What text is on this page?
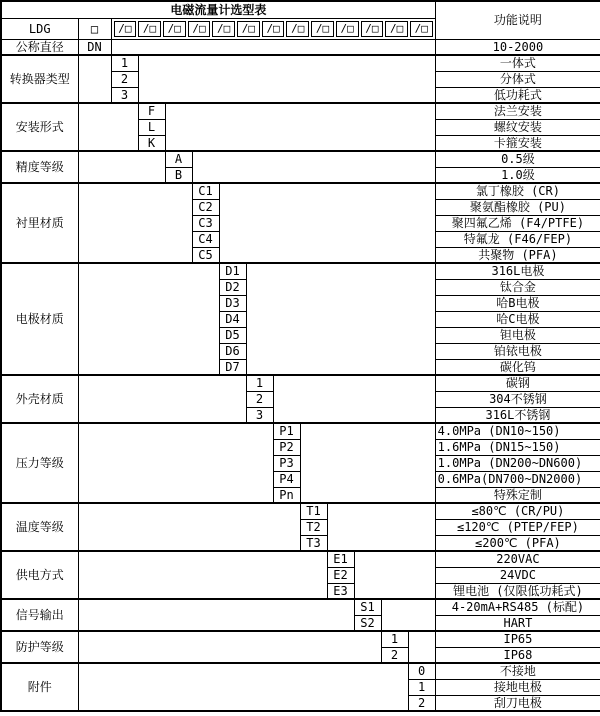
电磁流量计选型表														功能说明
LDG	□	/□	/□	/□	/□	/□	/□	/□	/□	/□	/□	/□	/□	/□

公称直径	DN													10-2000
转换器类型		1												一体式
		2												分体式
		3												低功耗式
安装形式			F											法兰安装
			L											螺纹安装
			K											卡箍安装
精度等级				A										0.5级
				B										1.0级
衬里材质					C1									氯丁橡胶 (CR)
					C2									聚氨酯橡胶 (PU)
					C3									聚四氟乙烯 (F4/PTFE)
					C4									特氟龙 (F46/FEP)
					C5									共聚物 (PFA)
电极材质						D1								316L电极
						D2								钛合金
						D3								哈B电极
						D4								哈C电极
						D5								钽电极
						D6								铂铱电极
						D7								碳化钨
外壳材质							1							碳钢
							2							304不锈钢
							3							316L不锈钢
压力等级								P1						4.0MPa (DN10~150)
								P2						1.6MPa (DN15~150)
								P3						1.0MPa (DN200~DN600)
								P4						0.6MPa(DN700~DN2000)
								Pn						特殊定制
温度等级									T1					≤80℃ (CR/PU)
									T2					≤120℃ (PTEP/FEP)
									T3					≤200℃ (PFA)
供电方式										E1				220VAC
										E2				24VDC
										E3				锂电池 (仅限低功耗式)
信号输出											S1			4-20mA+RS485 (标配)
											S2			HART
防护等级												1		IP65
												2		IP68
附件													0	不接地
													1	接地电极
													2	刮刀电极
